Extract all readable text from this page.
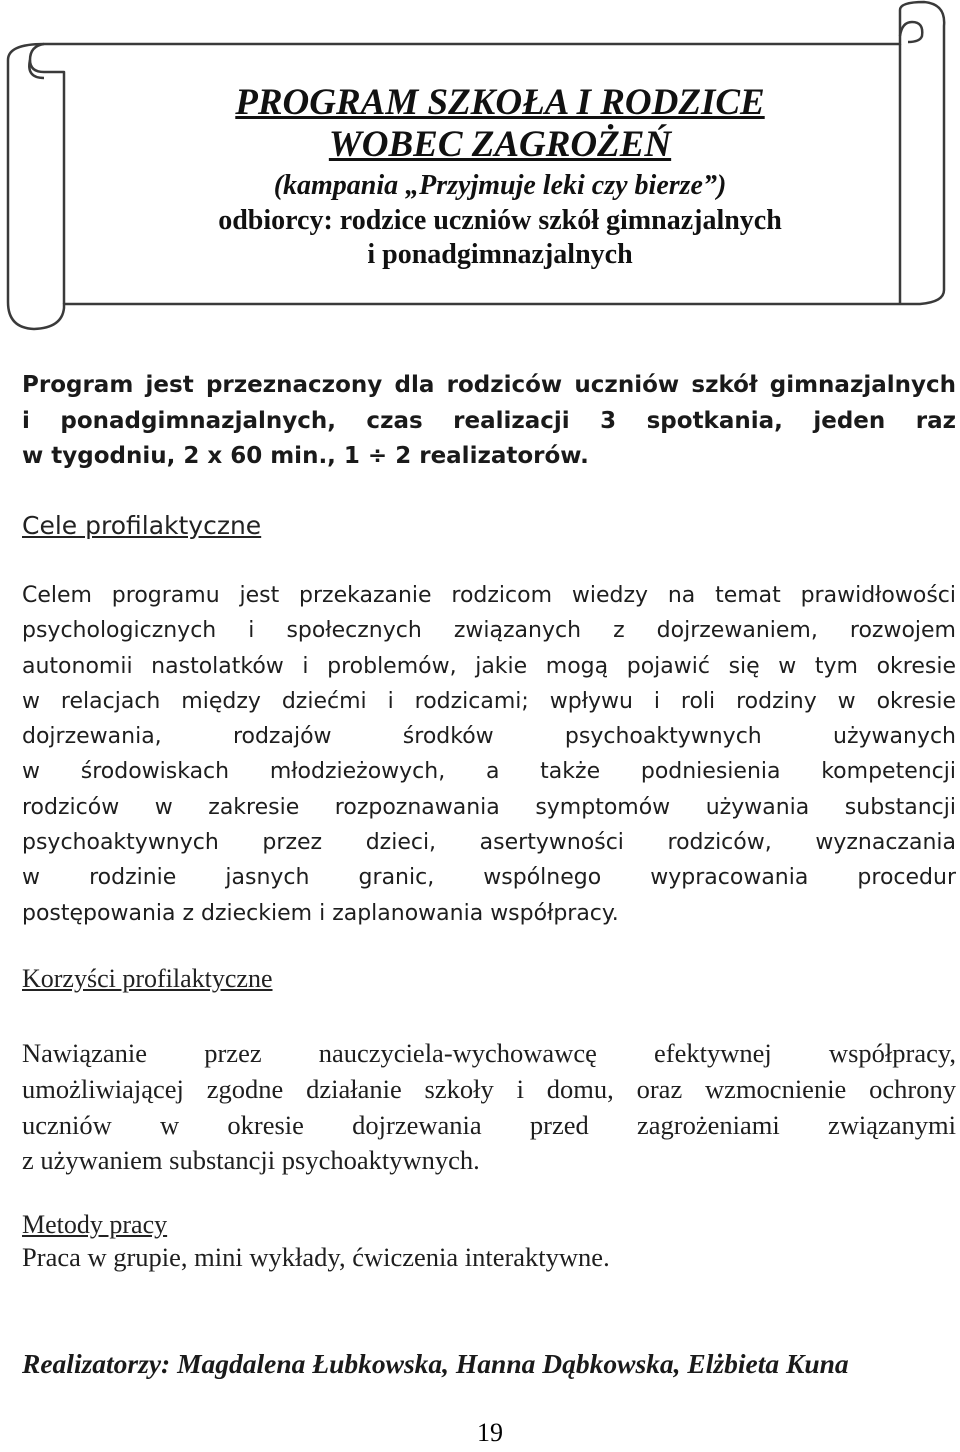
PROGRAM SZKOŁA I RODZICE
WOBEC ZAGROŻEŃ
(kampania „Przyjmuje leki czy bierze”)
odbiorcy: rodzice uczniów szkół gimnazjalnych
i ponadgimnazjalnych
Program jest przeznaczony dla rodziców uczniów szkół gimnazjalnych
i ponadgimnazjalnych, czas realizacji 3 spotkania, jeden raz
w tygodniu, 2 x 60 min., 1 ÷ 2 realizatorów.
Cele profilaktyczne
Celem programu jest przekazanie rodzicom wiedzy na temat prawidłowości
psychologicznych i społecznych związanych z dojrzewaniem, rozwojem
autonomii nastolatków i problemów, jakie mogą pojawić się w tym okresie
w relacjach między dziećmi i rodzicami; wpływu i roli rodziny w okresie
dojrzewania, rodzajów środków psychoaktywnych używanych
w środowiskach młodzieżowych, a także podniesienia kompetencji
rodziców w zakresie rozpoznawania symptomów używania substancji
psychoaktywnych przez dzieci, asertywności rodziców, wyznaczania
w rodzinie jasnych granic, wspólnego wypracowania procedur
postępowania z dzieckiem i zaplanowania współpracy.
Korzyści profilaktyczne
Nawiązanie przez nauczyciela-wychowawcę efektywnej współpracy,
umożliwiającej zgodne działanie szkoły i domu, oraz wzmocnienie ochrony
uczniów w okresie dojrzewania przed zagrożeniami związanymi
z używaniem substancji psychoaktywnych.
Metody pracy
Praca w grupie, mini wykłady, ćwiczenia interaktywne.
Realizatorzy: Magdalena Łubkowska, Hanna Dąbkowska, Elżbieta Kuna
19
